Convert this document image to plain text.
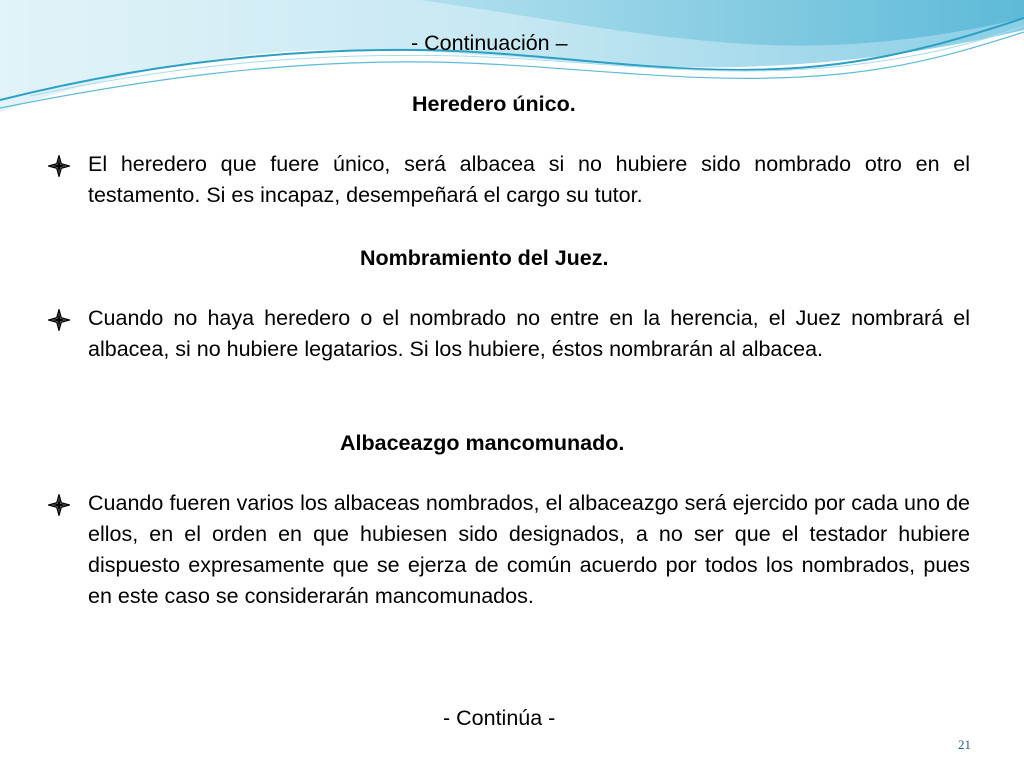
- Continuación –
Heredero único.
El heredero que fuere único, será albacea si no hubiere sido nombrado otro en el testamento. Si es incapaz, desempeñará el cargo su tutor.
Nombramiento del Juez.
Cuando no haya heredero o el nombrado no entre en la herencia, el Juez nombrará el albacea, si no hubiere legatarios. Si los hubiere, éstos nombrarán al albacea.
Albaceazgo mancomunado.
Cuando fueren varios los albaceas nombrados, el albaceazgo será ejercido por cada uno de ellos, en el orden en que hubiesen sido designados, a no ser que el testador hubiere dispuesto expresamente que se ejerza de común acuerdo por todos los nombrados, pues en este caso se considerarán mancomunados.
- Continúa -
21
